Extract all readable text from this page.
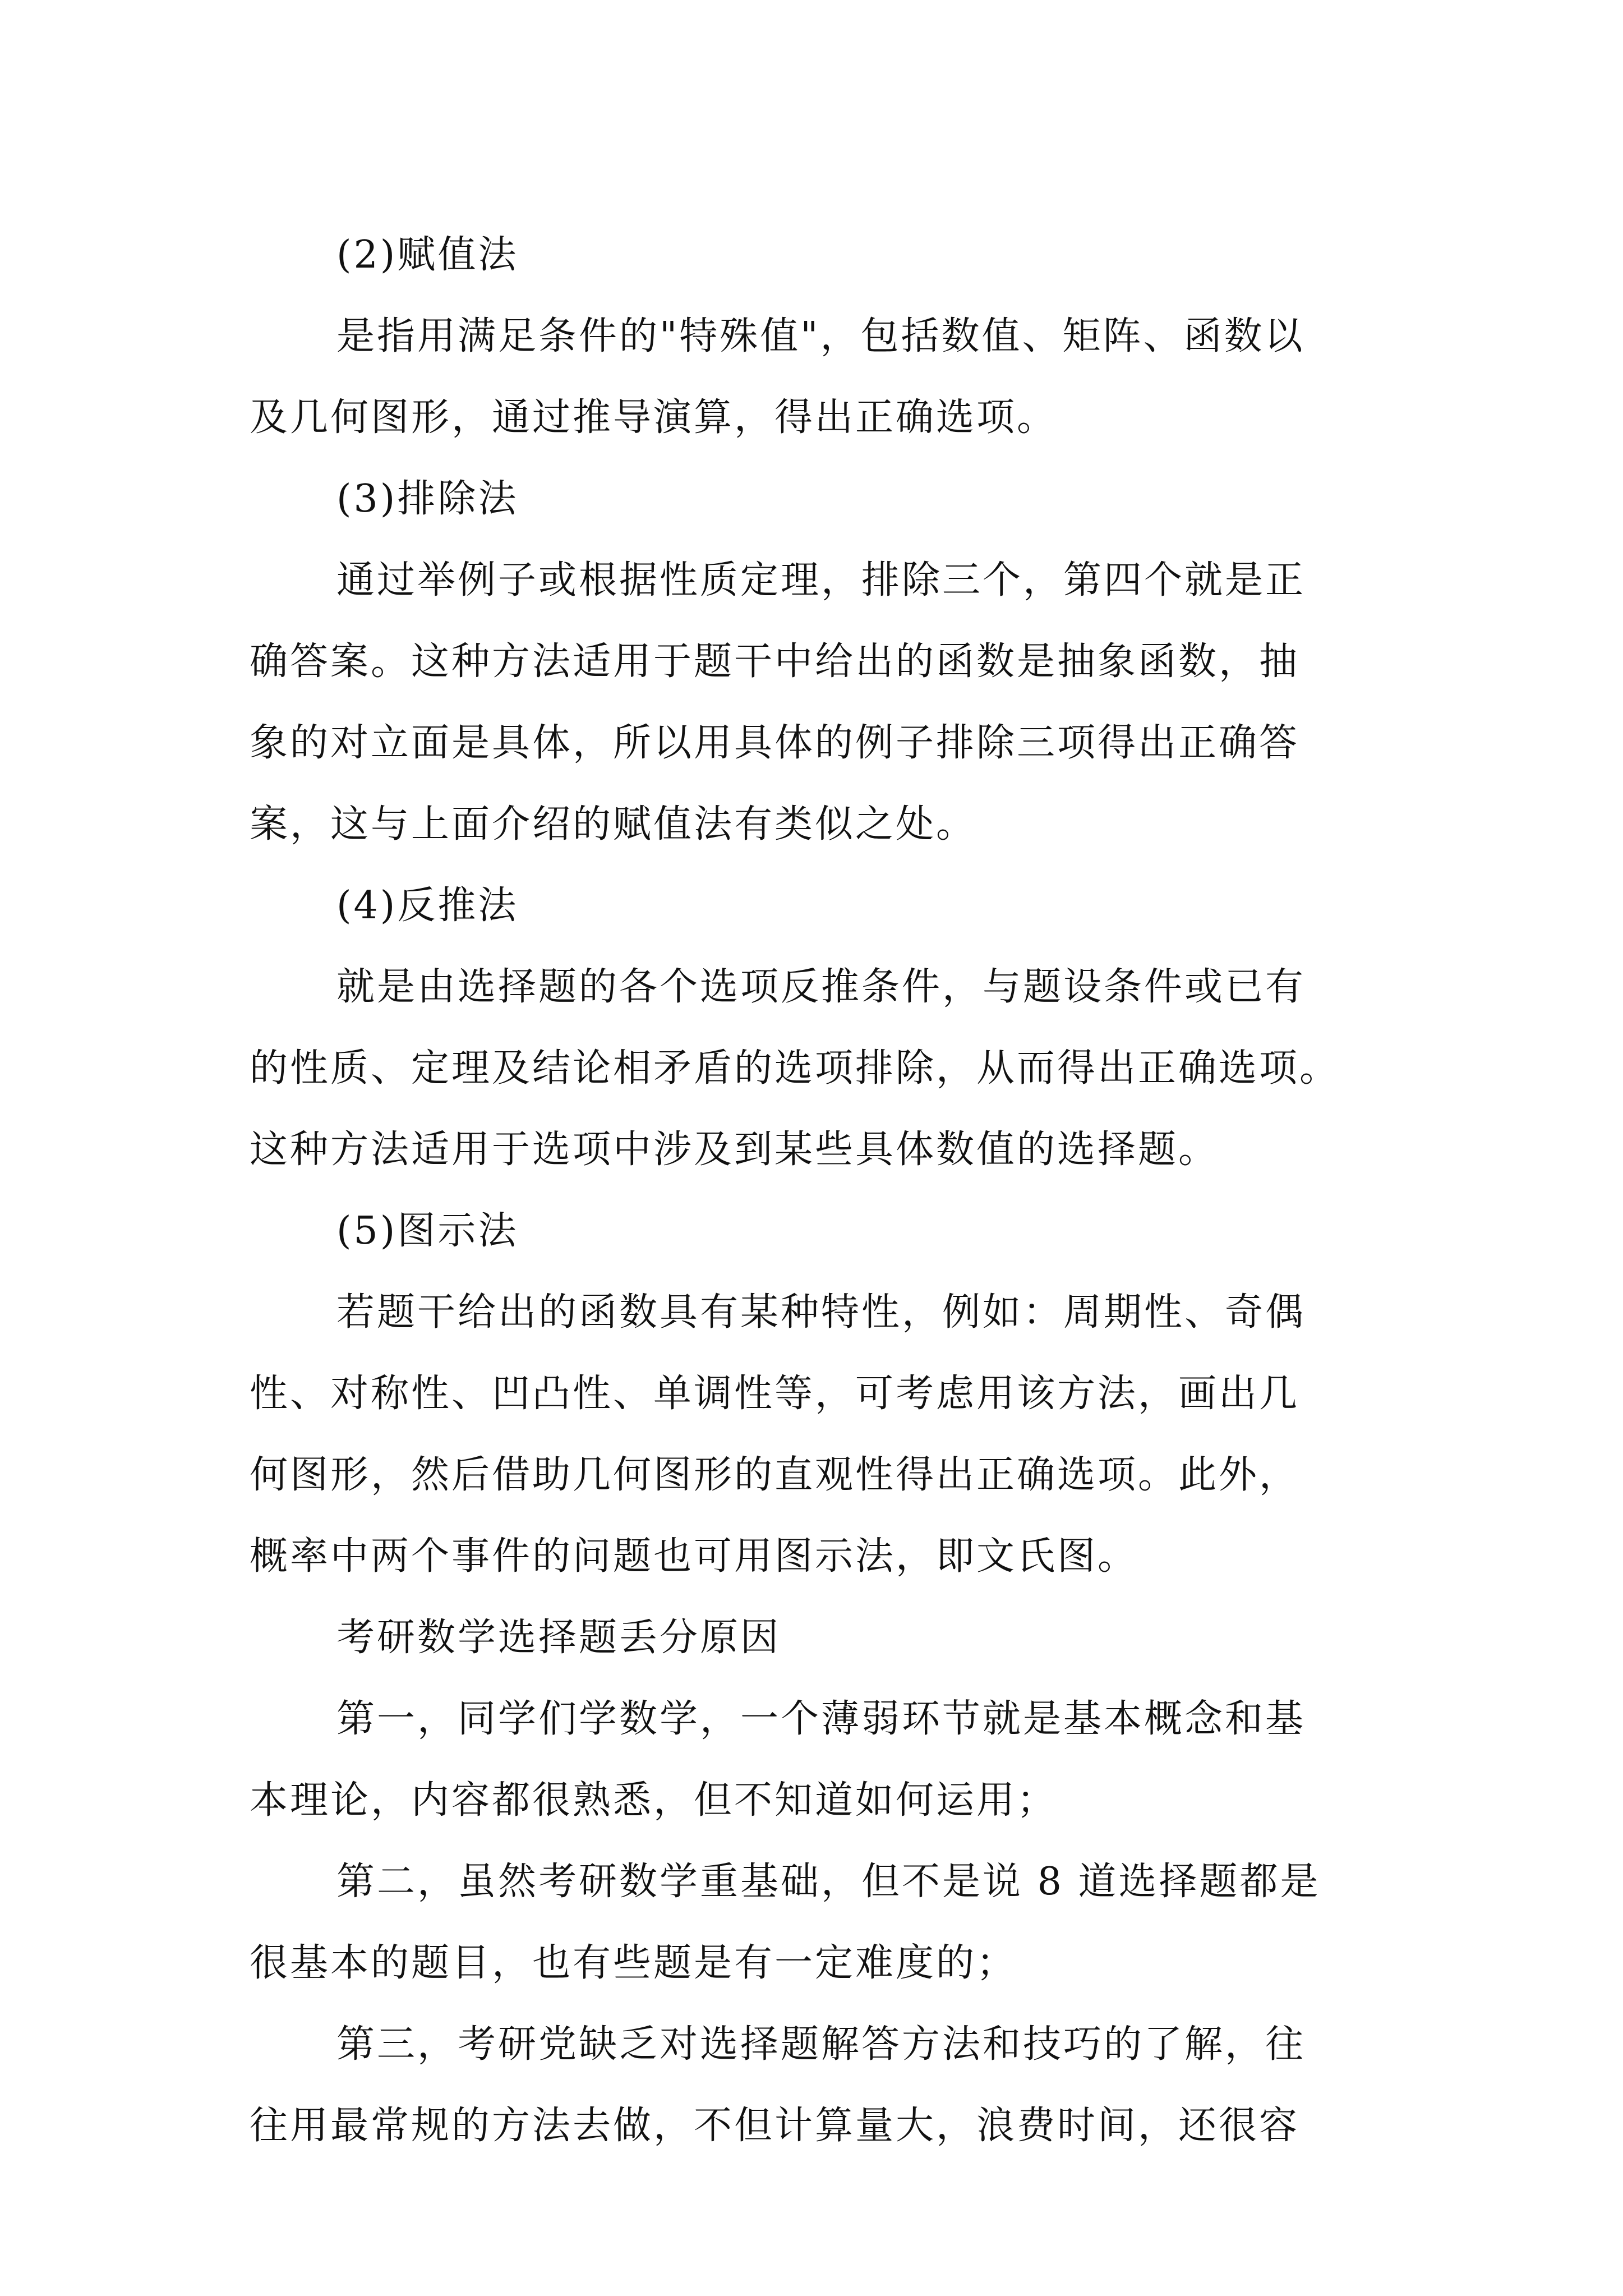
(2)赋值法
是指用满足条件的"特殊值"，包括数值、矩阵、函数以
及几何图形，通过推导演算，得出正确选项。
(3)排除法
通过举例子或根据性质定理，排除三个，第四个就是正
确答案。这种方法适用于题干中给出的函数是抽象函数，抽
象的对立面是具体，所以用具体的例子排除三项得出正确答
案，这与上面介绍的赋值法有类似之处。
(4)反推法
就是由选择题的各个选项反推条件，与题设条件或已有
的性质、定理及结论相矛盾的选项排除，从而得出正确选项。
这种方法适用于选项中涉及到某些具体数值的选择题。
(5)图示法
若题干给出的函数具有某种特性，例如：周期性、奇偶
性、对称性、凹凸性、单调性等，可考虑用该方法，画出几
何图形，然后借助几何图形的直观性得出正确选项。此外，
概率中两个事件的问题也可用图示法，即文氏图。
考研数学选择题丢分原因
第一，同学们学数学，一个薄弱环节就是基本概念和基
本理论，内容都很熟悉，但不知道如何运用；
第二，虽然考研数学重基础，但不是说 8 道选择题都是
很基本的题目，也有些题是有一定难度的；
第三，考研党缺乏对选择题解答方法和技巧的了解，往
往用最常规的方法去做，不但计算量大，浪费时间，还很容
